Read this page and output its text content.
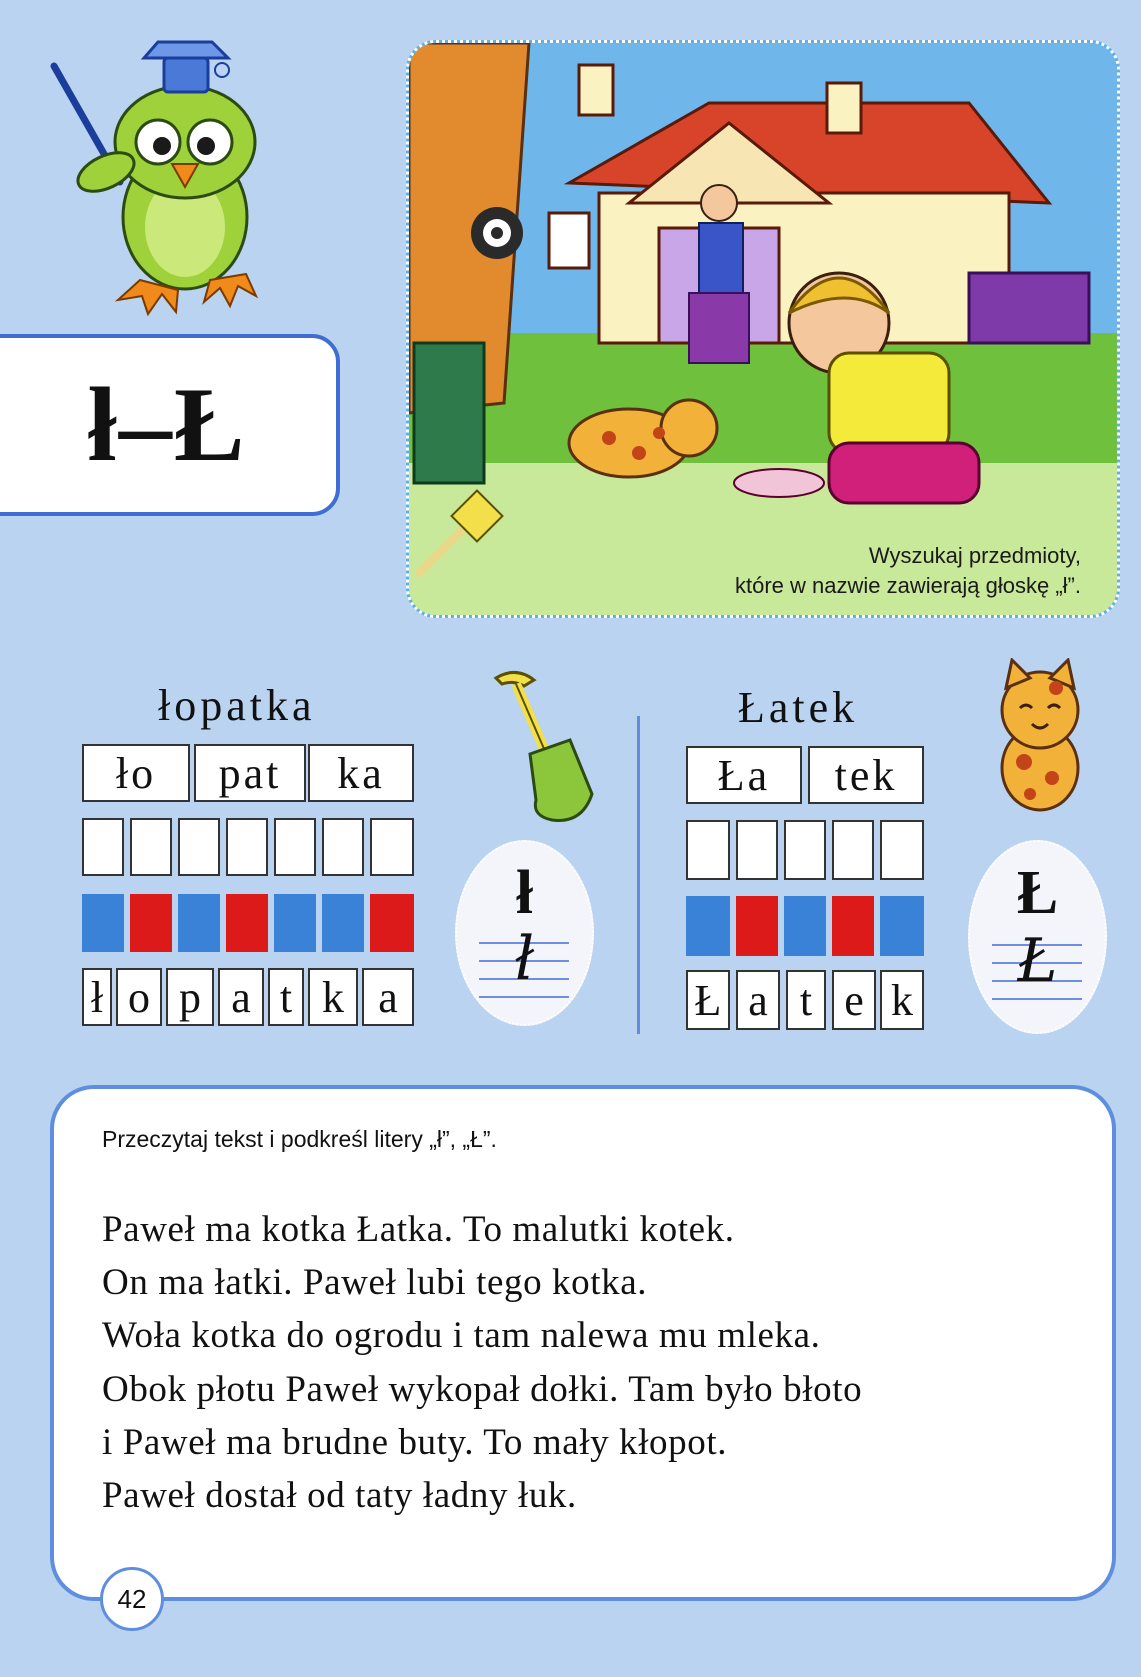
ł–Ł
Wyszukaj przedmioty,
które w nazwie zawierają głoskę „ł”.
łopatka
ło	pat	ka
ł o p a t k a
ł
ł
Łatek
Ła	tek
Ł a t e k
Ł
Ł
Przeczytaj tekst i podkreśl litery „ł”, „Ł”.
Paweł ma kotka Łatka. To malutki kotek.
On ma łatki. Paweł lubi tego kotka.
Woła kotka do ogrodu i tam nalewa mu mleka.
Obok płotu Paweł wykopał dołki. Tam było błoto
i Paweł ma brudne buty. To mały kłopot.
Paweł dostał od taty ładny łuk.
42
